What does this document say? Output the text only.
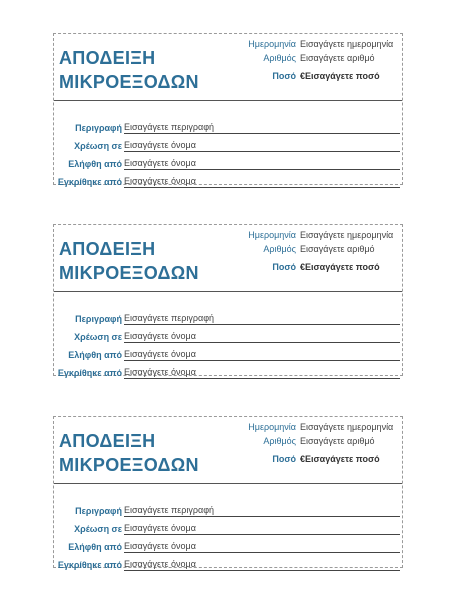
ΑΠΟΔΕΙΞΗ
ΜΙΚΡΟΕΞΟΔΩΝ
Ημερομηνία Εισαγάγετε ημερομηνία
Αριθμός Εισαγάγετε αριθμό
Ποσό €Εισαγάγετε ποσό
Περιγραφή Εισαγάγετε περιγραφή
Χρέωση σε Εισαγάγετε όνομα
Ελήφθη από Εισαγάγετε όνομα
Εγκρίθηκε από Εισαγάγετε όνομα
ΑΠΟΔΕΙΞΗ
ΜΙΚΡΟΕΞΟΔΩΝ
Ημερομηνία Εισαγάγετε ημερομηνία
Αριθμός Εισαγάγετε αριθμό
Ποσό €Εισαγάγετε ποσό
Περιγραφή Εισαγάγετε περιγραφή
Χρέωση σε Εισαγάγετε όνομα
Ελήφθη από Εισαγάγετε όνομα
Εγκρίθηκε από Εισαγάγετε όνομα
ΑΠΟΔΕΙΞΗ
ΜΙΚΡΟΕΞΟΔΩΝ
Ημερομηνία Εισαγάγετε ημερομηνία
Αριθμός Εισαγάγετε αριθμό
Ποσό €Εισαγάγετε ποσό
Περιγραφή Εισαγάγετε περιγραφή
Χρέωση σε Εισαγάγετε όνομα
Ελήφθη από Εισαγάγετε όνομα
Εγκρίθηκε από Εισαγάγετε όνομα
